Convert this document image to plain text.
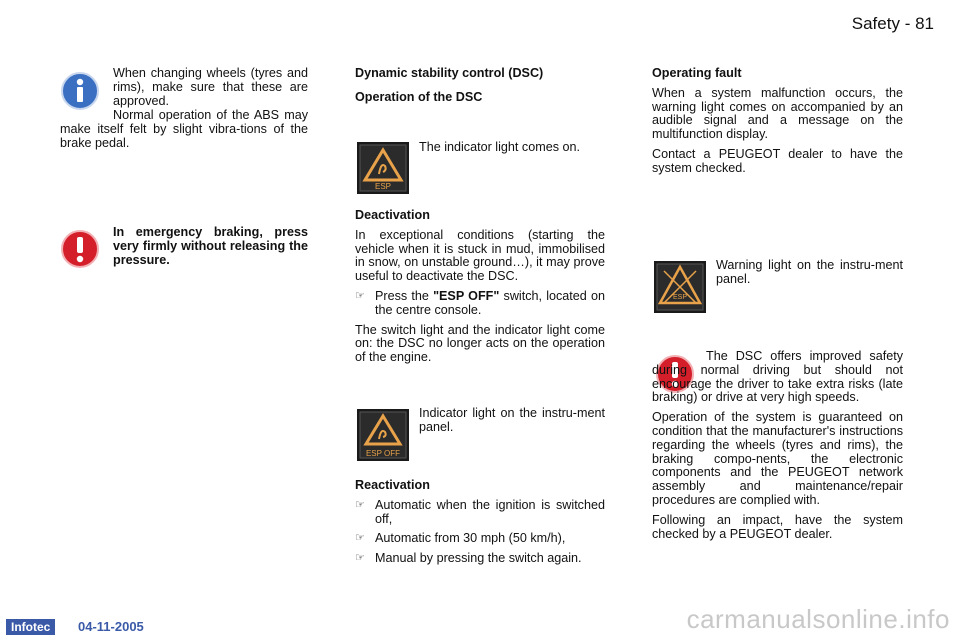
Safety - 81

When changing wheels (tyres and rims), make sure that these are approved.

Normal operation of the ABS may make itself felt by slight vibra-tions of the brake pedal.

In emergency braking, press very firmly without releasing the pressure.

Dynamic stability control (DSC)
Operation of the DSC
ESP

The indicator light comes on.

Deactivation

In exceptional conditions (starting the vehicle when it is stuck in mud, immobilised in snow, on unstable ground…), it may prove useful to deactivate the DSC.

☞ Press the "ESP OFF" switch, located on the centre console.

The switch light and the indicator light come on: the DSC no longer acts on the operation of the engine.

ESP OFF

Indicator light on the instru-ment panel.

Reactivation
☞ Automatic when the ignition is switched off,
☞ Automatic from 30 mph (50 km/h),
☞ Manual by pressing the switch again.
Operating fault

When a system malfunction occurs, the warning light comes on accompanied by an audible signal and a message on the multifunction display.

Contact a PEUGEOT dealer to have the system checked.

ESP

Warning light on the instru-ment panel.

The DSC offers improved safety during normal driving but should not encourage the driver to take extra risks (late braking) or drive at very high speeds.

Operation of the system is guaranteed on condition that the manufacturer's instructions regarding the wheels (tyres and rims), the braking compo-nents, the electronic components and the PEUGEOT network assembly and maintenance/repair procedures are complied with.

Following an impact, have the system checked by a PEUGEOT dealer.

Infotec	04-11-2005	carmanualsonline.info
